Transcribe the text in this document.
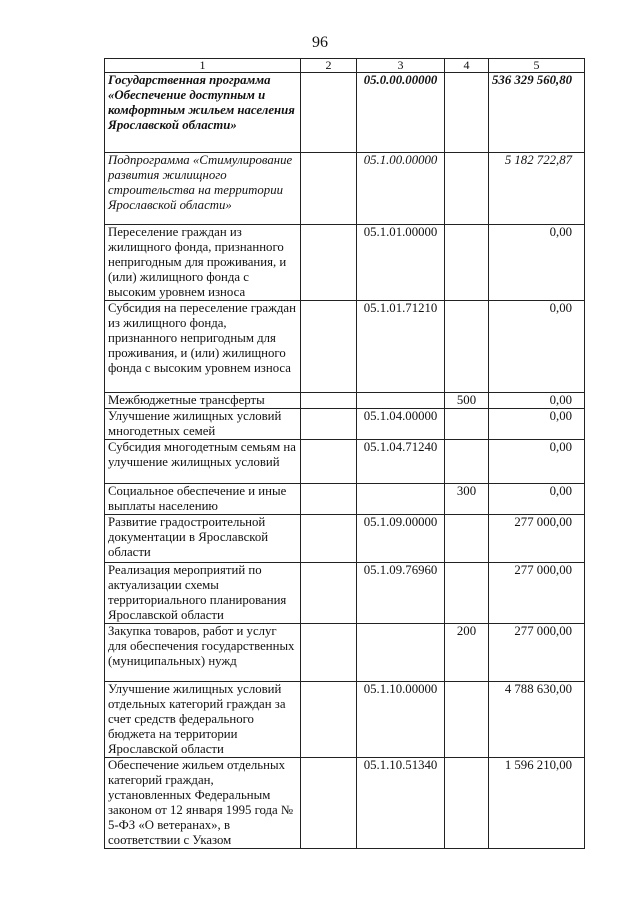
96
1	2	3	4	5
Государственная программа «Обеспечение доступным и комфортным жильем населения Ярославской области»		05.0.00.00000		536 329 560,80
Подпрограмма «Стимулирование развития жилищного строительства на территории Ярославской области»		05.1.00.00000		5 182 722,87
Переселение граждан из жилищного фонда, признанного непригодным для проживания, и (или) жилищного фонда с высоким уровнем износа		05.1.01.00000		0,00
Субсидия на переселение граждан из жилищного фонда, признанного непригодным для проживания, и (или) жилищного фонда с высоким уровнем износа		05.1.01.71210		0,00
Межбюджетные трансферты			500	0,00
Улучшение жилищных условий многодетных семей		05.1.04.00000		0,00
Субсидия многодетным семьям на улучшение жилищных условий		05.1.04.71240		0,00
Социальное обеспечение и иные выплаты населению			300	0,00
Развитие градостроительной документации в Ярославской области		05.1.09.00000		277 000,00
Реализация мероприятий по актуализации схемы территориального планирования Ярославской области		05.1.09.76960		277 000,00
Закупка товаров, работ и услуг для обеспечения государственных (муниципальных) нужд			200	277 000,00
Улучшение жилищных условий отдельных категорий граждан за счет средств федерального бюджета на территории Ярославской области		05.1.10.00000		4 788 630,00
Обеспечение жильем отдельных категорий граждан, установленных Федеральным законом от 12 января 1995 года № 5-ФЗ «О ветеранах», в соответствии с Указом		05.1.10.51340		1 596 210,00
